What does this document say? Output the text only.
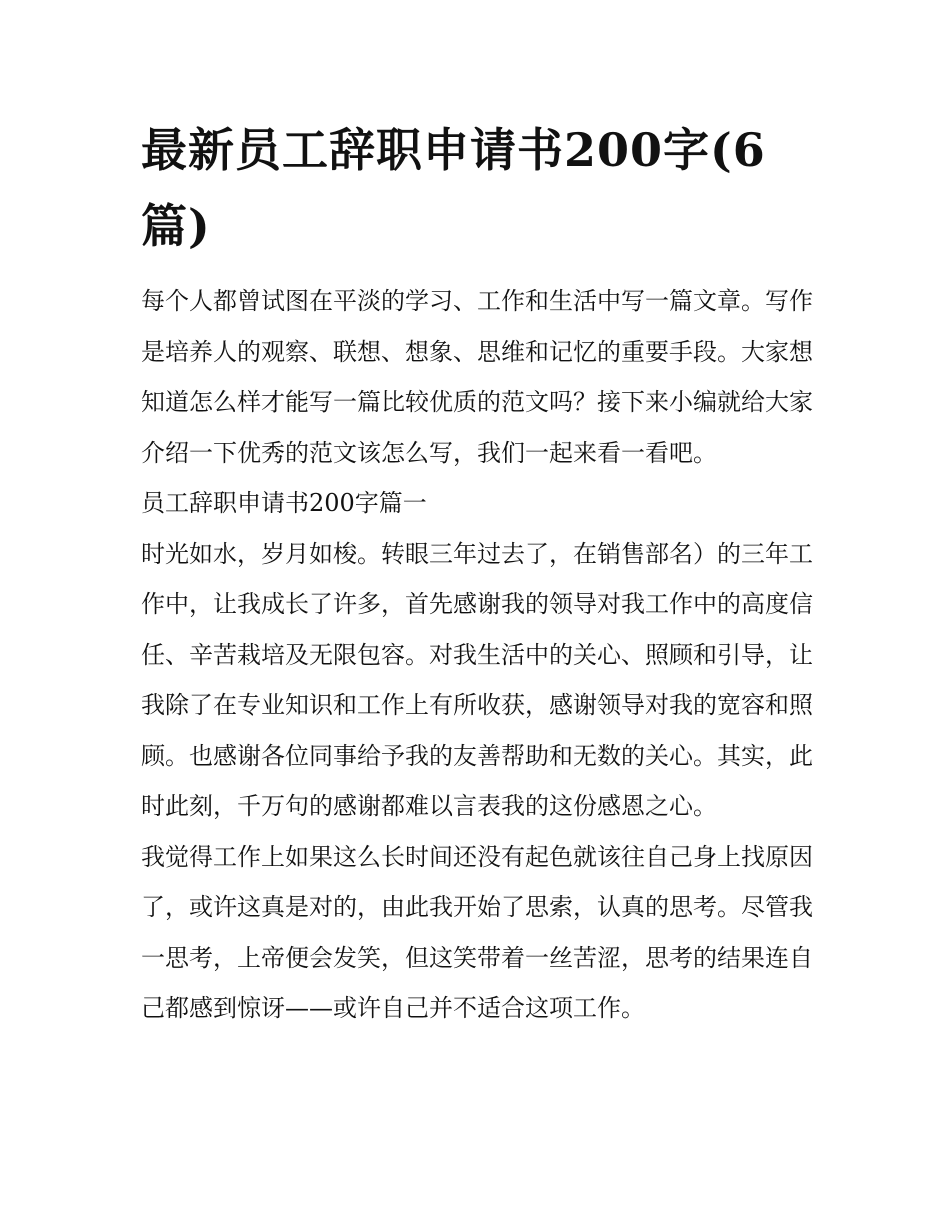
最新员工辞职申请书200字(6篇)

每个人都曾试图在平淡的学习、工作和生活中写一篇文章。写作是培养人的观察、联想、想象、思维和记忆的重要手段。大家想知道怎么样才能写一篇比较优质的范文吗？接下来小编就给大家介绍一下优秀的范文该怎么写，我们一起来看一看吧。

员工辞职申请书200字篇一

时光如水，岁月如梭。转眼三年过去了，在销售部名）的三年工作中，让我成长了许多，首先感谢我的领导对我工作中的高度信任、辛苦栽培及无限包容。对我生活中的关心、照顾和引导，让我除了在专业知识和工作上有所收获，感谢领导对我的宽容和照顾。也感谢各位同事给予我的友善帮助和无数的关心。其实，此时此刻，千万句的感谢都难以言表我的这份感恩之心。

我觉得工作上如果这么长时间还没有起色就该往自己身上找原因了，或许这真是对的，由此我开始了思索，认真的思考。尽管我一思考，上帝便会发笑，但这笑带着一丝苦涩，思考的结果连自己都感到惊讶——或许自己并不适合这项工作。
